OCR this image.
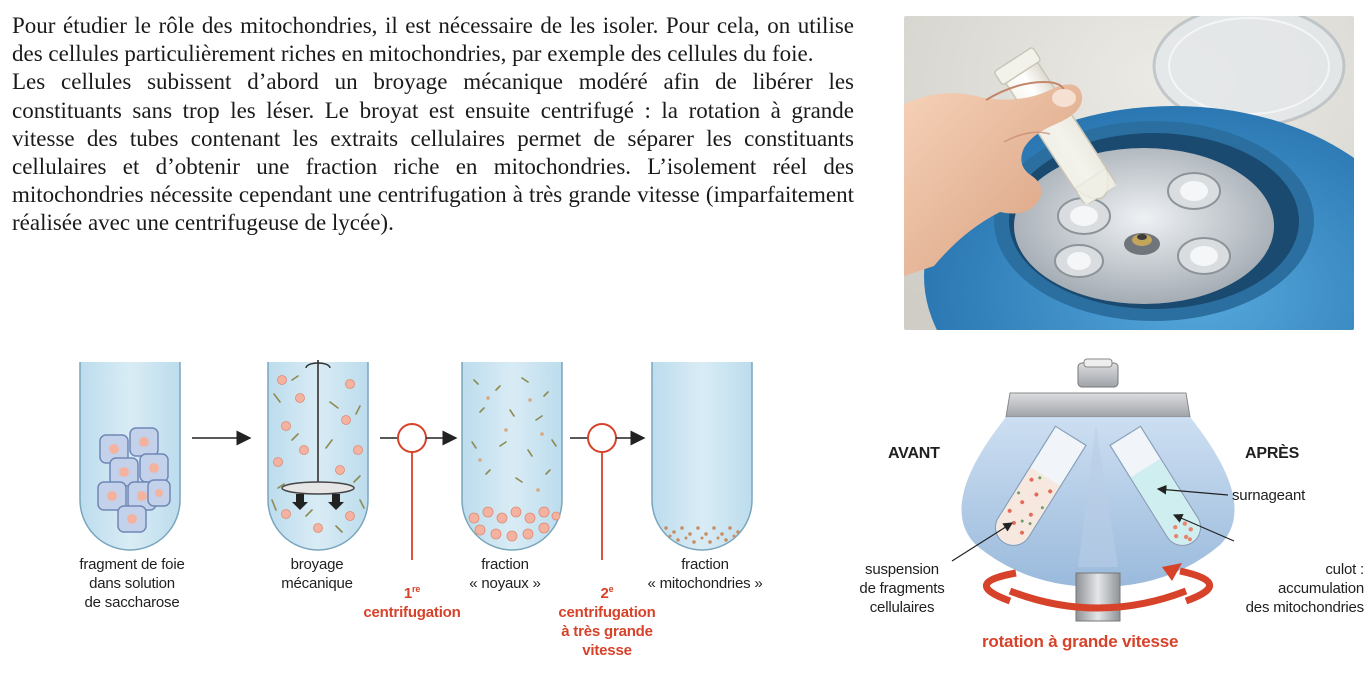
Pour étudier le rôle des mitochondries, il est nécessaire de les isoler. Pour cela, on utilise des cellules particulièrement riches en mitochondries, par exemple des cellules du foie.

Les cellules subissent d’abord un broyage mécanique modéré afin de libérer les constituants sans trop les léser. Le broyat est ensuite centrifugé : la rotation à grande vitesse des tubes contenant les extraits cellulaires permet de séparer les constituants cellulaires et d’obtenir une fraction riche en mitochondries. L’isolement réel des mitochondries nécessite cependant une centrifugation à très grande vitesse (imparfaitement réalisée avec une centrifugeuse de lycée).

fragment de foie
dans solution
de saccharose
broyage
mécanique
fraction
« noyaux »
fraction
« mitochondries »
1re
centrifugation
2e
centrifugation
à très grande
vitesse
AVANT	APRÈS
surnageant
suspension
de fragments
cellulaires
culot :
accumulation
des mitochondries
rotation à grande vitesse
